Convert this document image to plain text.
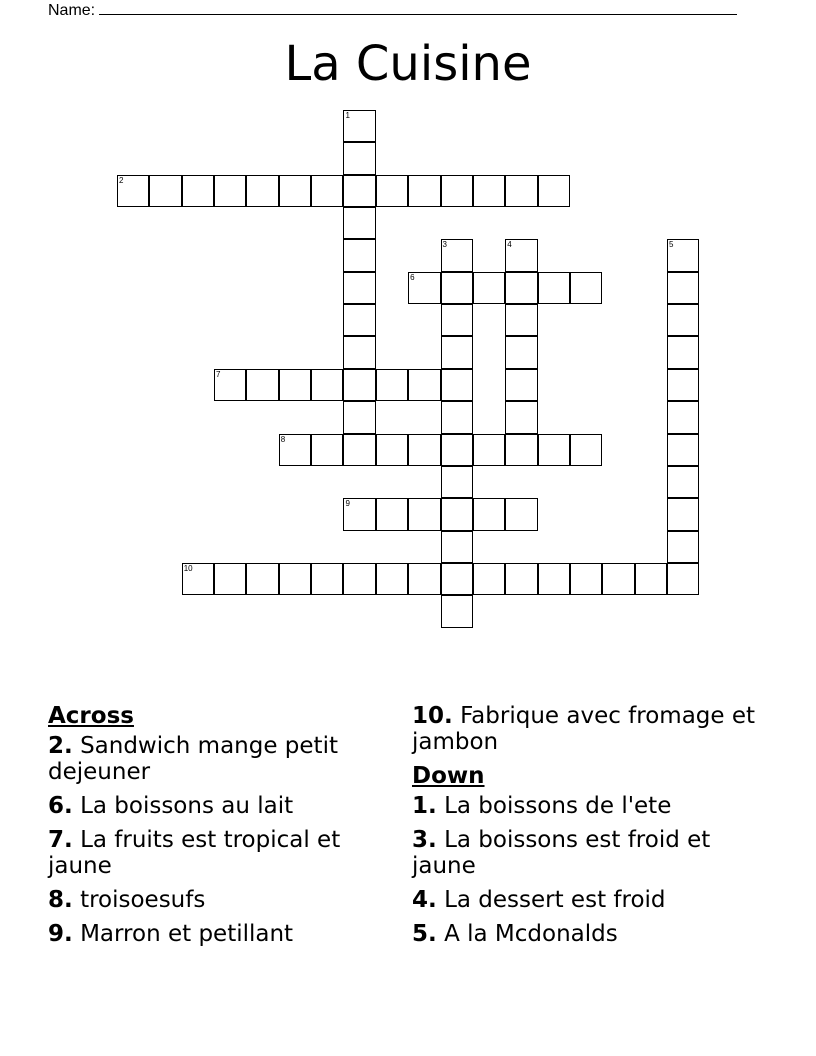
Name:
La Cuisine
1
2
3	4	5
6
7
8
9
10
Across
2. Sandwich mange petit dejeuner
6. La boissons au lait
7. La fruits est tropical et jaune
8. troisoesufs
9. Marron et petillant
10. Fabrique avec fromage et jambon
Down
1. La boissons de l'ete
3. La boissons est froid et jaune
4. La dessert est froid
5. A la Mcdonalds
